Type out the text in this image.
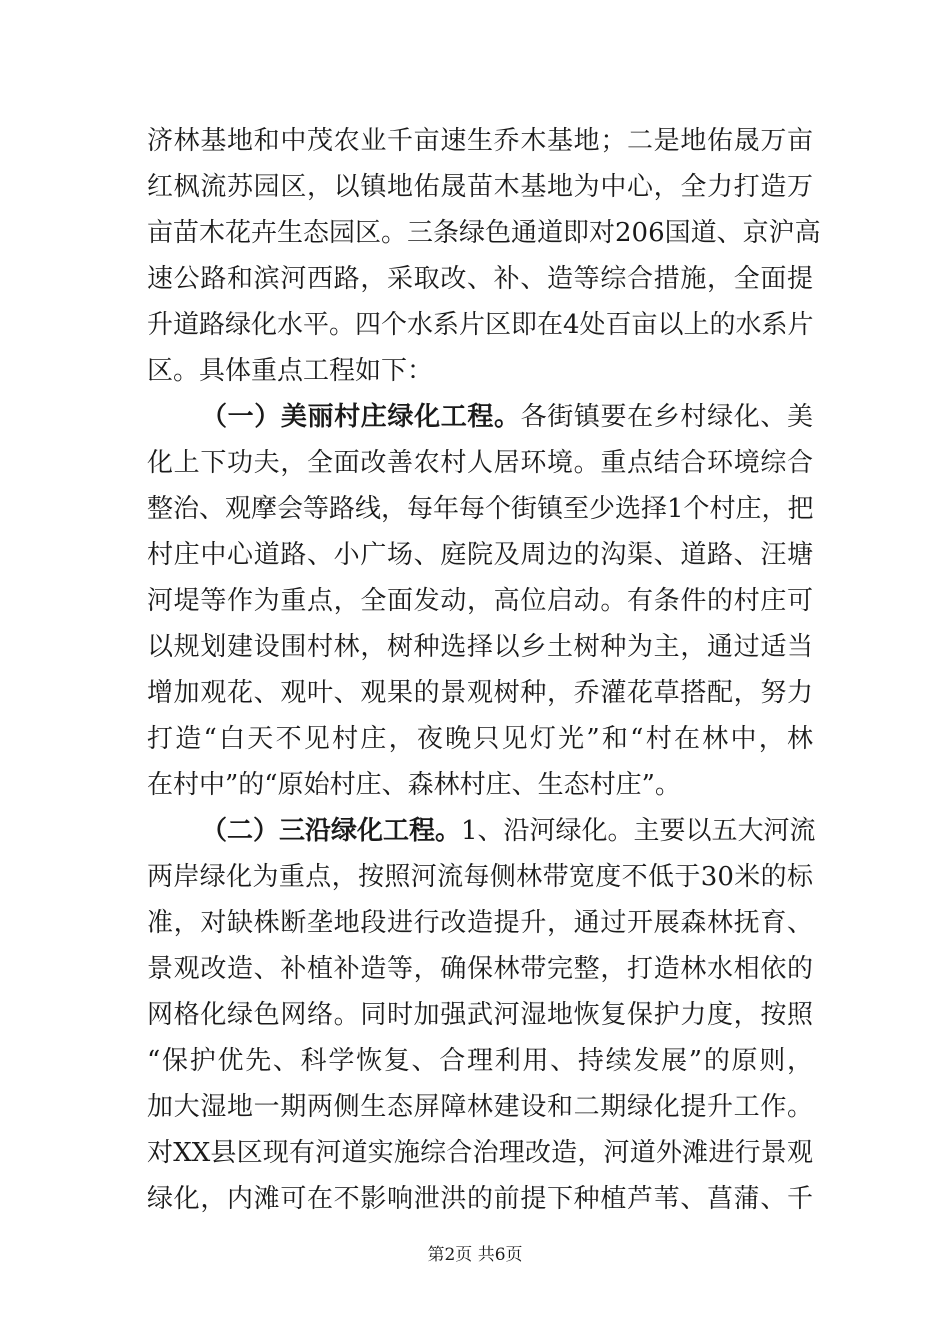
济林基地和中茂农业千亩速生乔木基地；二是地佑晟万亩
红枫流苏园区，以镇地佑晟苗木基地为中心，全力打造万
亩苗木花卉生态园区。三条绿色通道即对206国道、京沪高
速公路和滨河西路，采取改、补、造等综合措施，全面提
升道路绿化水平。四个水系片区即在4处百亩以上的水系片
区。具体重点工程如下：
（一）美丽村庄绿化工程。各街镇要在乡村绿化、美
化上下功夫，全面改善农村人居环境。重点结合环境综合
整治、观摩会等路线，每年每个街镇至少选择1个村庄，把
村庄中心道路、小广场、庭院及周边的沟渠、道路、汪塘
河堤等作为重点，全面发动，高位启动。有条件的村庄可
以规划建设围村林，树种选择以乡土树种为主，通过适当
增加观花、观叶、观果的景观树种，乔灌花草搭配，努力
打造“白天不见村庄，夜晚只见灯光”和“村在林中，林
在村中”的“原始村庄、森林村庄、生态村庄”。
（二）三沿绿化工程。1、沿河绿化。主要以五大河流
两岸绿化为重点，按照河流每侧林带宽度不低于30米的标
准，对缺株断垄地段进行改造提升，通过开展森林抚育、
景观改造、补植补造等，确保林带完整，打造林水相依的
网格化绿色网络。同时加强武河湿地恢复保护力度，按照
“保护优先、科学恢复、合理利用、持续发展”的原则，
加大湿地一期两侧生态屏障林建设和二期绿化提升工作。
对XX县区现有河道实施综合治理改造，河道外滩进行景观
绿化，内滩可在不影响泄洪的前提下种植芦苇、菖蒲、千
第2页 共6页
